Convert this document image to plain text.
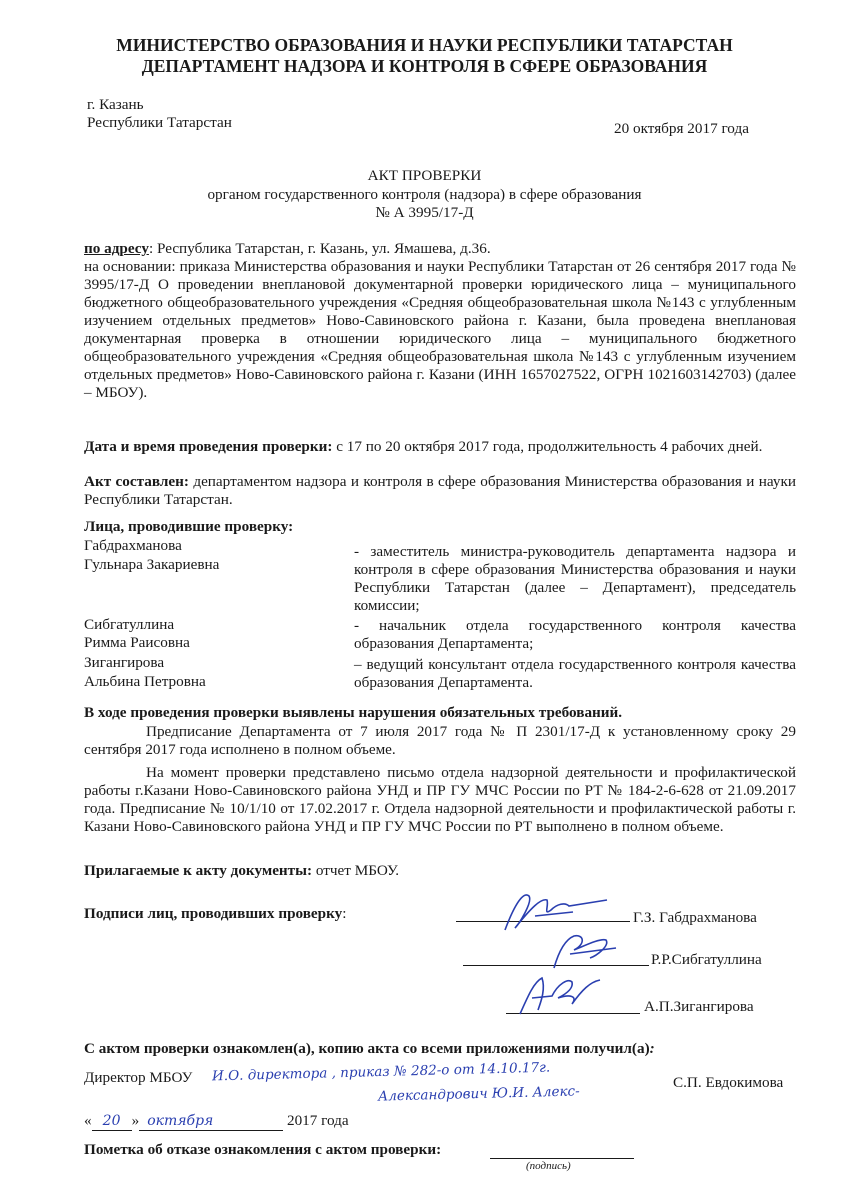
МИНИСТЕРСТВО ОБРАЗОВАНИЯ И НАУКИ РЕСПУБЛИКИ ТАТАРСТАН
ДЕПАРТАМЕНТ НАДЗОРА И КОНТРОЛЯ В СФЕРЕ ОБРАЗОВАНИЯ
г. Казань
Республики Татарстан	20 октября 2017 года
АКТ ПРОВЕРКИ
органом государственного контроля (надзора) в сфере образования
№ А 3995/17-Д
по адресу: Республика Татарстан, г. Казань, ул. Ямашева, д.36.
на основании: приказа Министерства образования и науки Республики Татарстан от 26 сентября 2017 года № 3995/17-Д О проведении внеплановой документарной проверки юридического лица – муниципального бюджетного общеобразовательного учреждения «Средняя общеобразовательная школа №143 с углубленным изучением отдельных предметов» Ново-Савиновского района г. Казани, была проведена внеплановая документарная проверка в отношении юридического лица – муниципального бюджетного общеобразовательного учреждения «Средняя общеобразовательная школа №143 с углубленным изучением отдельных предметов» Ново-Савиновского района г. Казани (ИНН 1657027522, ОГРН 1021603142703) (далее – МБОУ).
Дата и время проведения проверки: с 17 по 20 октября 2017 года, продолжительность 4 рабочих дней.
Акт составлен: департаментом надзора и контроля в сфере образования Министерства образования и науки Республики Татарстан.
Лица, проводившие проверку:
Габдрахманова
Гульнара Закариевна
- заместитель министра-руководитель департамента надзора и контроля в сфере образования Министерства образования и науки Республики Татарстан (далее – Департамент), председатель комиссии;
Сибгатуллина
Римма Раисовна
- начальник отдела государственного контроля качества образования Департамента;
Зигангирова
Альбина Петровна
– ведущий консультант отдела государственного контроля качества образования Департамента.
В ходе проведения проверки выявлены нарушения обязательных требований.
Предписание Департамента от 7 июля 2017 года № П 2301/17-Д к установленному сроку 29 сентября 2017 года исполнено в полном объеме.
На момент проверки представлено письмо отдела надзорной деятельности и профилактической работы г.Казани Ново-Савиновского района УНД и ПР ГУ МЧС России по РТ № 184-2-6-628 от 21.09.2017 года. Предписание № 10/1/10 от 17.02.2017 г. Отдела надзорной деятельности и профилактической работы г. Казани Ново-Савиновского района УНД и ПР ГУ МЧС России по РТ выполнено в полном объеме.
Прилагаемые к акту документы: отчет МБОУ.
Подписи лиц, проводивших проверку:	Г.З. Габдрахманова
Р.Р.Сибгатуллина
А.П.Зигангирова
С актом проверки ознакомлен(а), копию акта со всеми приложениями получил(а):
Директор МБОУ И.О. директора , приказ № 282-о от 14.10.17г.
Александрович Ю.И. Алекс-
С.П. Евдокимова
« 20 » октября	2017 года
Пометка об отказе ознакомления с актом проверки:
(подпись)
